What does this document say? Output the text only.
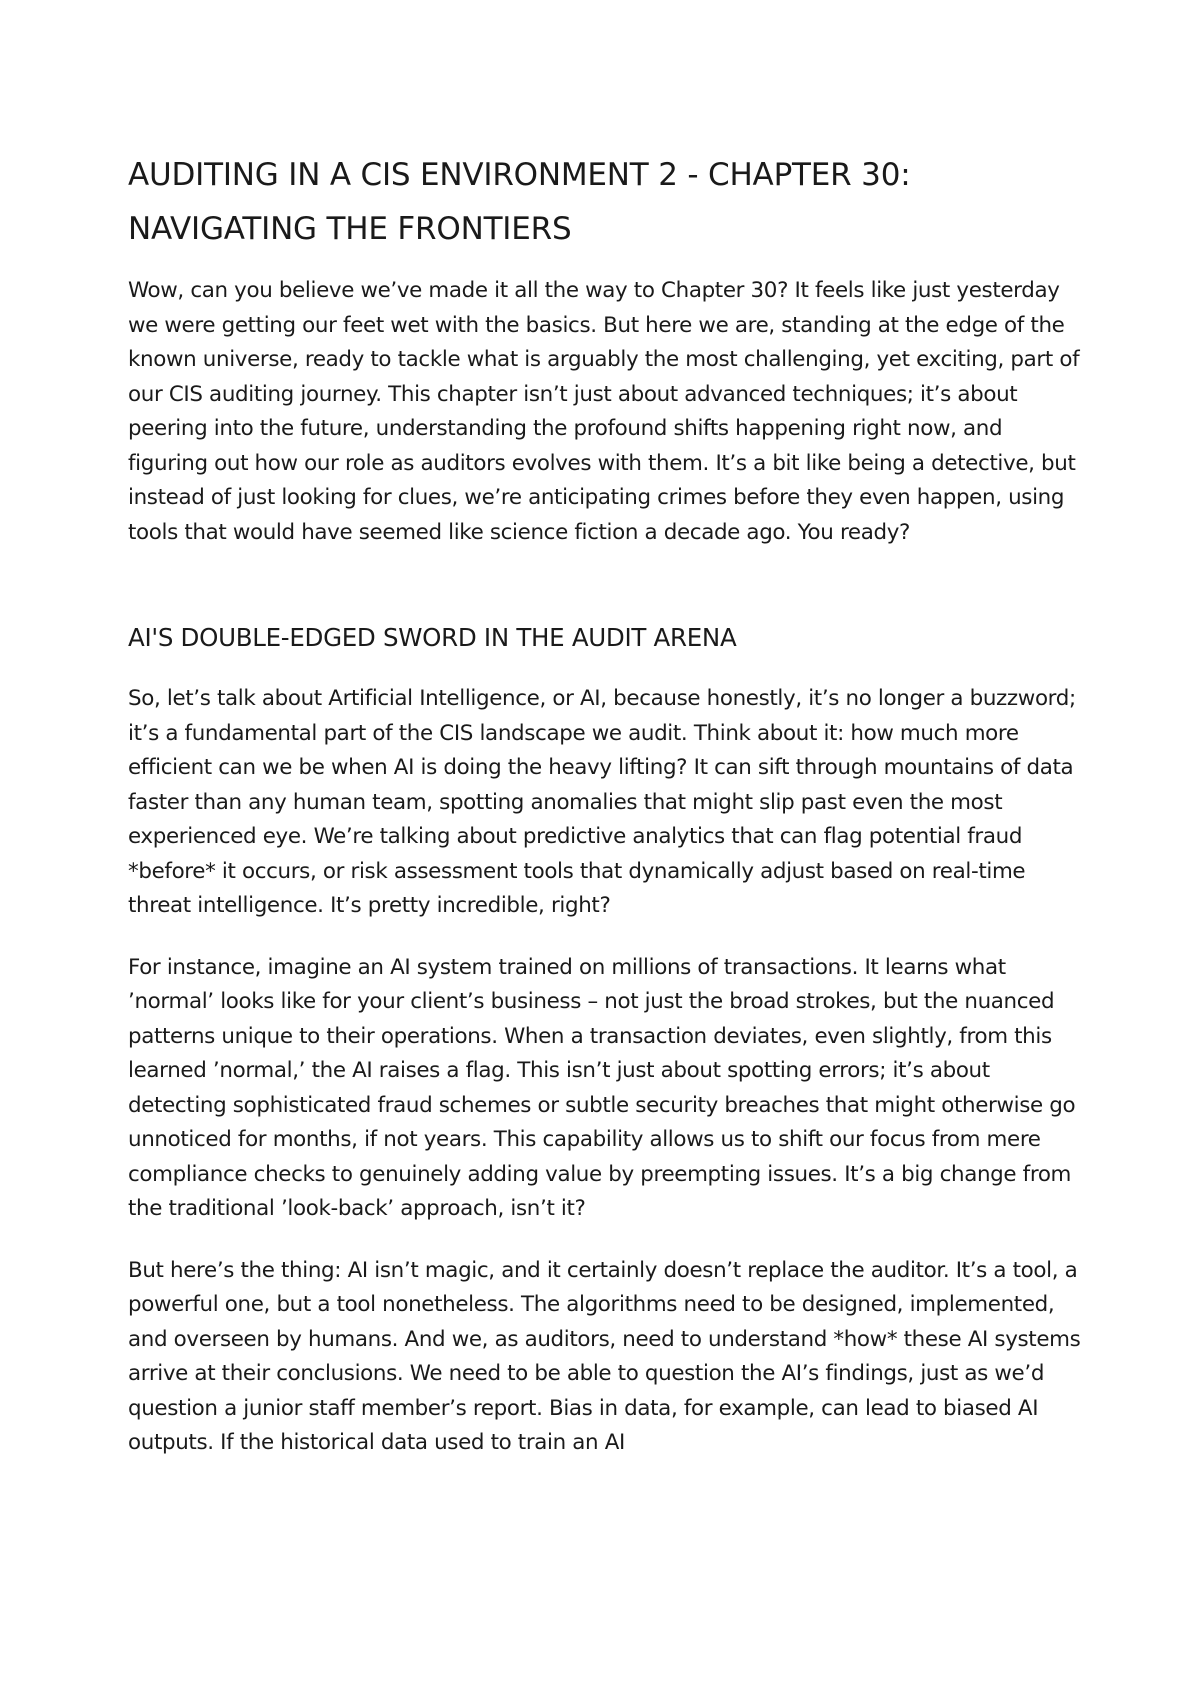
AUDITING IN A CIS ENVIRONMENT 2 - CHAPTER 30: NAVIGATING THE FRONTIERS

Wow, can you believe we’ve made it all the way to Chapter 30? It feels like just yesterday we were getting our feet wet with the basics. But here we are, standing at the edge of the known universe, ready to tackle what is arguably the most challenging, yet exciting, part of our CIS auditing journey. This chapter isn’t just about advanced techniques; it’s about peering into the future, understanding the profound shifts happening right now, and figuring out how our role as auditors evolves with them. It’s a bit like being a detective, but instead of just looking for clues, we’re anticipating crimes before they even happen, using tools that would have seemed like science fiction a decade ago. You ready?

AI'S DOUBLE-EDGED SWORD IN THE AUDIT ARENA

So, let’s talk about Artificial Intelligence, or AI, because honestly, it’s no longer a buzzword; it’s a fundamental part of the CIS landscape we audit. Think about it: how much more efficient can we be when AI is doing the heavy lifting? It can sift through mountains of data faster than any human team, spotting anomalies that might slip past even the most experienced eye. We’re talking about predictive analytics that can flag potential fraud *before* it occurs, or risk assessment tools that dynamically adjust based on real-time threat intelligence. It’s pretty incredible, right?

For instance, imagine an AI system trained on millions of transactions. It learns what ’normal’ looks like for your client’s business – not just the broad strokes, but the nuanced patterns unique to their operations. When a transaction deviates, even slightly, from this learned ’normal,’ the AI raises a flag. This isn’t just about spotting errors; it’s about detecting sophisticated fraud schemes or subtle security breaches that might otherwise go unnoticed for months, if not years. This capability allows us to shift our focus from mere compliance checks to genuinely adding value by preempting issues. It’s a big change from the traditional ’look-back’ approach, isn’t it?

But here’s the thing: AI isn’t magic, and it certainly doesn’t replace the auditor. It’s a tool, a powerful one, but a tool nonetheless. The algorithms need to be designed, implemented, and overseen by humans. And we, as auditors, need to understand *how* these AI systems arrive at their conclusions. We need to be able to question the AI’s findings, just as we’d question a junior staff member’s report. Bias in data, for example, can lead to biased AI outputs. If the historical data used to train an AI
